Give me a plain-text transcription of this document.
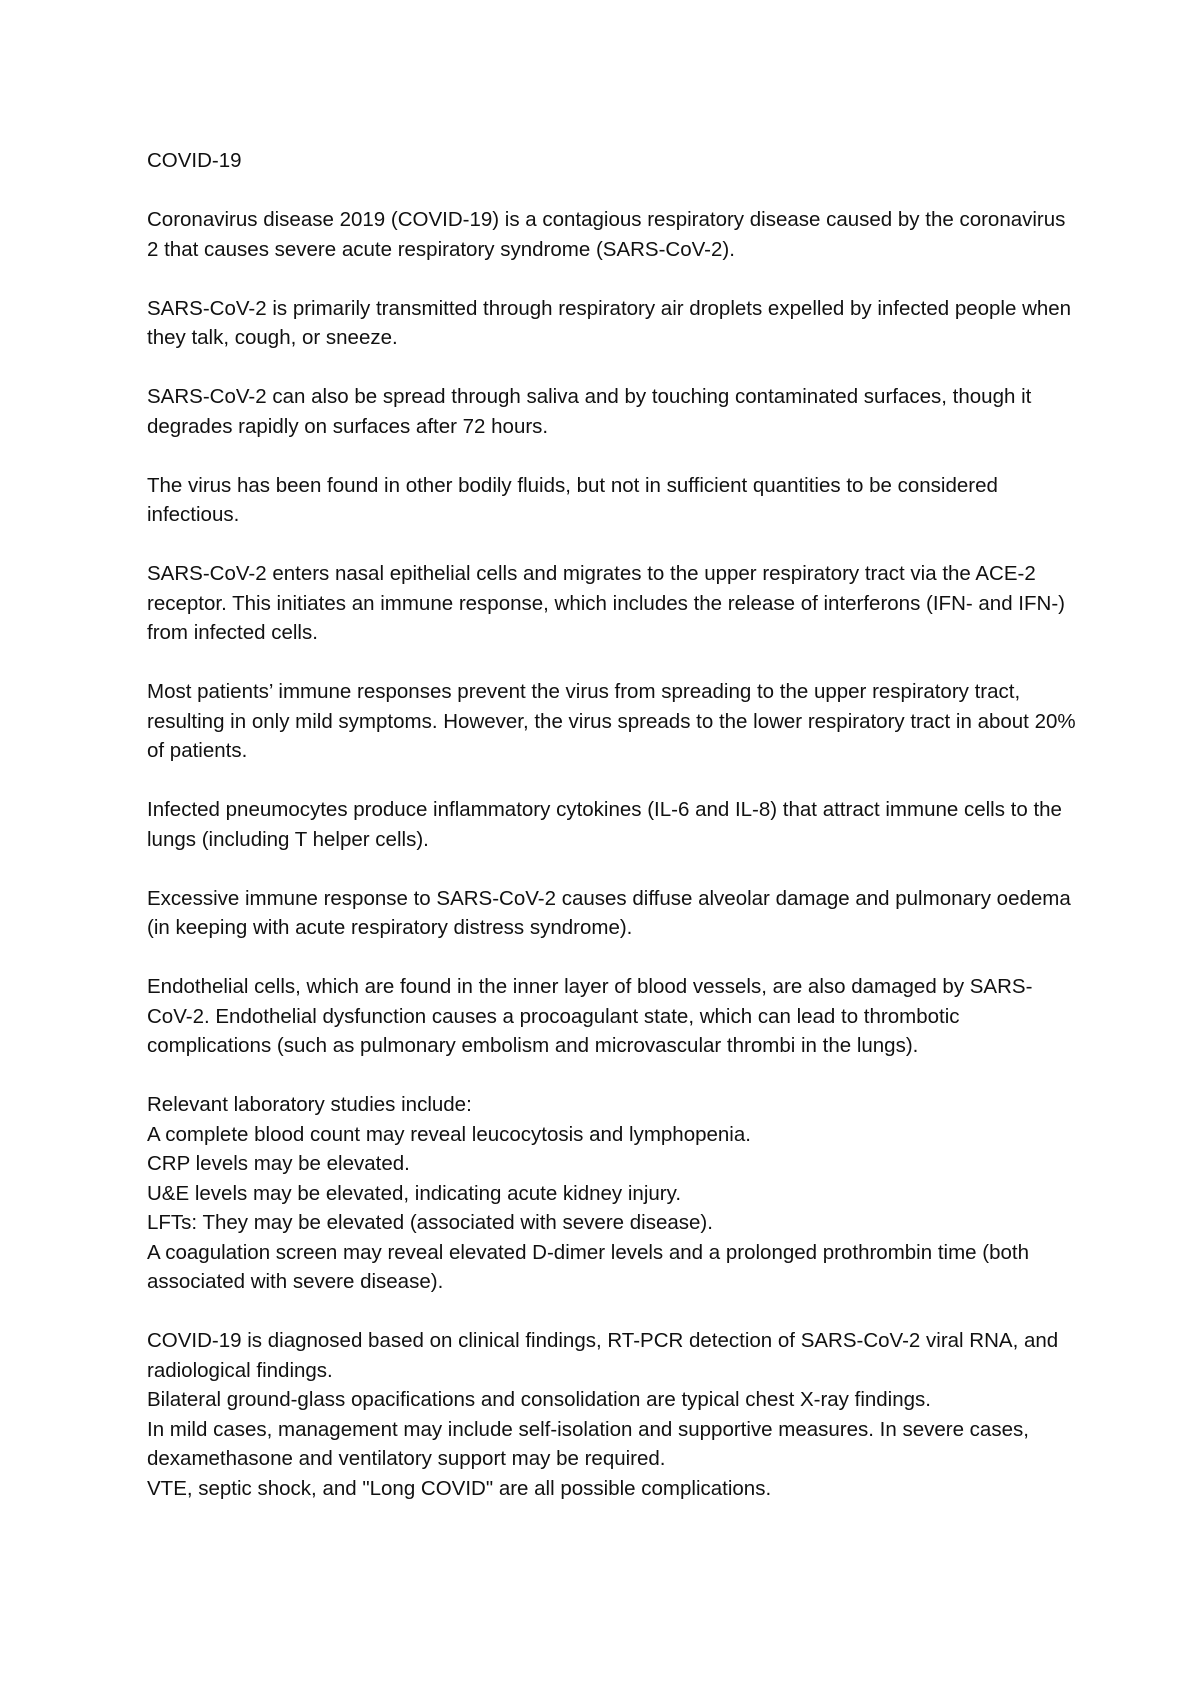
COVID-19

Coronavirus disease 2019 (COVID-19) is a contagious respiratory disease caused by the coronavirus 2 that causes severe acute respiratory syndrome (SARS-CoV-2).

SARS-CoV-2 is primarily transmitted through respiratory air droplets expelled by infected people when they talk, cough, or sneeze.

SARS-CoV-2 can also be spread through saliva and by touching contaminated surfaces, though it degrades rapidly on surfaces after 72 hours.

The virus has been found in other bodily fluids, but not in sufficient quantities to be considered infectious.

SARS-CoV-2 enters nasal epithelial cells and migrates to the upper respiratory tract via the ACE-2 receptor. This initiates an immune response, which includes the release of interferons (IFN- and IFN-) from infected cells.

Most patients’ immune responses prevent the virus from spreading to the upper respiratory tract, resulting in only mild symptoms. However, the virus spreads to the lower respiratory tract in about 20% of patients.

Infected pneumocytes produce inflammatory cytokines (IL-6 and IL-8) that attract immune cells to the lungs (including T helper cells).

Excessive immune response to SARS-CoV-2 causes diffuse alveolar damage and pulmonary oedema (in keeping with acute respiratory distress syndrome).

Endothelial cells, which are found in the inner layer of blood vessels, are also damaged by SARS-CoV-2. Endothelial dysfunction causes a procoagulant state, which can lead to thrombotic complications (such as pulmonary embolism and microvascular thrombi in the lungs).

Relevant laboratory studies include:

A complete blood count may reveal leucocytosis and lymphopenia.

CRP levels may be elevated.

U&E levels may be elevated, indicating acute kidney injury.

LFTs: They may be elevated (associated with severe disease).

A coagulation screen may reveal elevated D-dimer levels and a prolonged prothrombin time (both associated with severe disease).

COVID-19 is diagnosed based on clinical findings, RT-PCR detection of SARS-CoV-2 viral RNA, and radiological findings.

Bilateral ground-glass opacifications and consolidation are typical chest X-ray findings.

In mild cases, management may include self-isolation and supportive measures. In severe cases, dexamethasone and ventilatory support may be required.

VTE, septic shock, and "Long COVID" are all possible complications.
